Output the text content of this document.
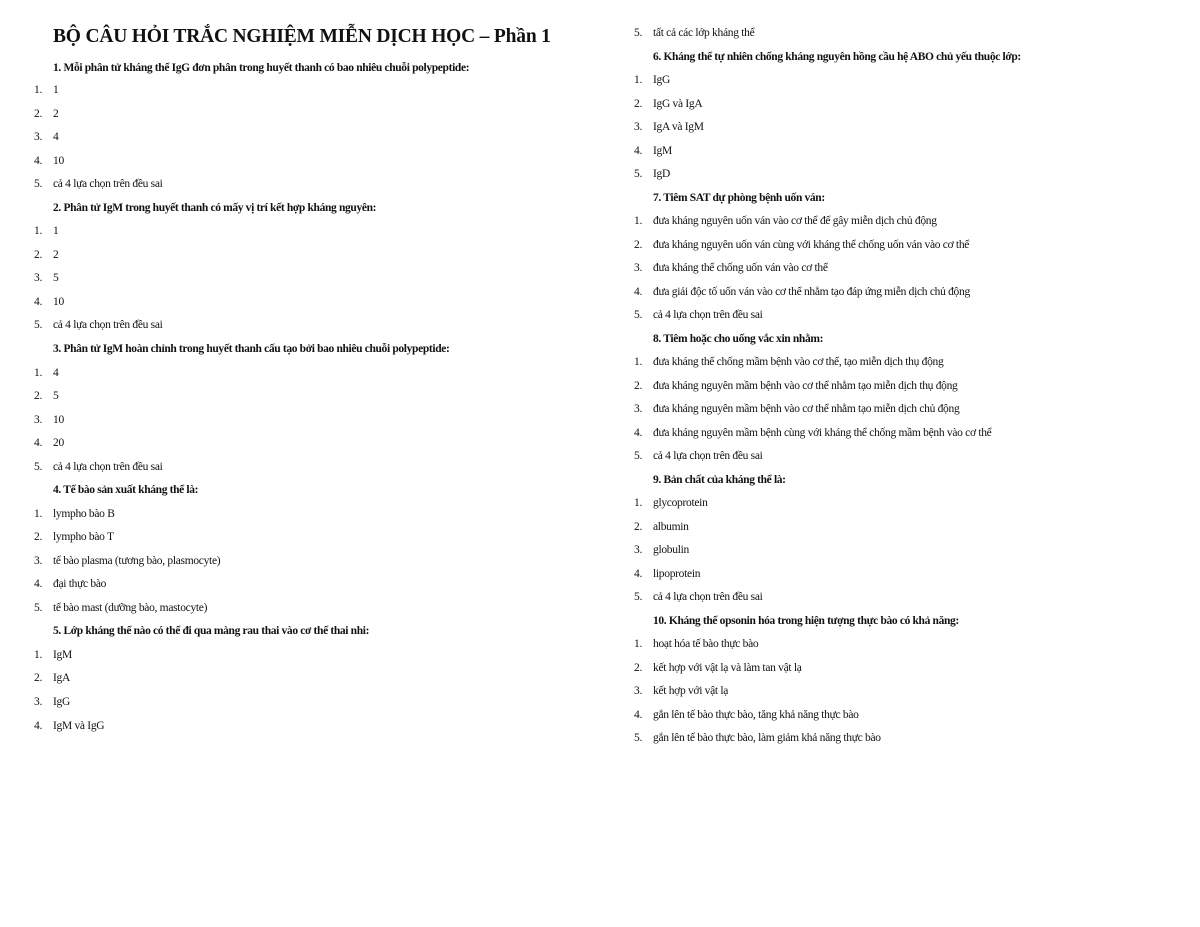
BỘ CÂU HỎI TRẮC NGHIỆM MIỄN DỊCH HỌC – Phần 1
1. Mỗi phân tử kháng thể IgG đơn phân trong huyết thanh có bao nhiêu chuỗi polypeptide:
1. 1
2. 2
3. 4
4. 10
5. cả 4 lựa chọn trên đều sai
2. Phân tử IgM trong huyết thanh có mấy vị trí kết hợp kháng nguyên:
1. 1
2. 2
3. 5
4. 10
5. cả 4 lựa chọn trên đều sai
3. Phân tử IgM hoàn chỉnh trong huyết thanh cấu tạo bởi bao nhiêu chuỗi polypeptide:
1. 4
2. 5
3. 10
4. 20
5. cả 4 lựa chọn trên đều sai
4. Tế bào sản xuất kháng thể là:
1. lympho bào B
2. lympho bào T
3. tế bào plasma (tương bào, plasmocyte)
4. đại thực bào
5. tế bào mast (dưỡng bào, mastocyte)
5. Lớp kháng thể nào có thể đi qua màng rau thai vào cơ thể thai nhi:
1. IgM
2. IgA
3. IgG
4. IgM và IgG
5. tất cả các lớp kháng thể
6. Kháng thể tự nhiên chống kháng nguyên hồng cầu hệ ABO chủ yếu thuộc lớp:
1. IgG
2. IgG và IgA
3. IgA và IgM
4. IgM
5. IgD
7. Tiêm SAT dự phòng bệnh uốn ván:
1. đưa kháng nguyên uốn ván vào cơ thể để gây miễn dịch chủ động
2. đưa kháng nguyên uốn ván cùng với kháng thể chống uốn ván vào cơ thể
3. đưa kháng thể chống uốn ván vào cơ thể
4. đưa giải độc tố uốn ván vào cơ thể nhằm tạo đáp ứng miễn dịch chủ động
5. cả 4 lựa chọn trên đều sai
8. Tiêm hoặc cho uống vắc xin nhằm:
1. đưa kháng thể chống mầm bệnh vào cơ thể, tạo miễn dịch thụ động
2. đưa kháng nguyên mầm bệnh vào cơ thể nhằm tạo miễn dịch thụ động
3. đưa kháng nguyên mầm bệnh vào cơ thể nhằm tạo miễn dịch chủ động
4. đưa kháng nguyên mầm bệnh cùng với kháng thể chống mầm bệnh vào cơ thể
5. cả 4 lựa chọn trên đều sai
9. Bản chất của kháng thể là:
1. glycoprotein
2. albumin
3. globulin
4. lipoprotein
5. cả 4 lựa chọn trên đều sai
10. Kháng thể opsonin hóa trong hiện tượng thực bào có khả năng:
1. hoạt hóa tế bào thực bào
2. kết hợp với vật lạ và làm tan vật lạ
3. kết hợp với vật lạ
4. gắn lên tế bào thực bào, tăng khả năng thực bào
5. gắn lên tế bào thực bào, làm giảm khả năng thực bào
